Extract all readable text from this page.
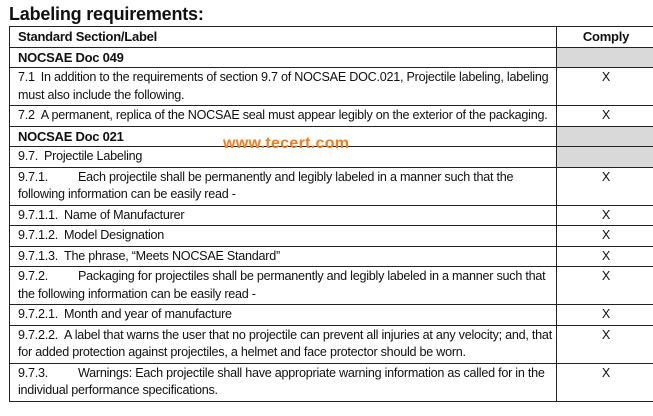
Labeling requirements:
Standard Section/Label	Comply
NOCSAE Doc 049	
7.1 In addition to the requirements of section 9.7 of NOCSAE DOC.021, Projectile labeling, labeling must also include the following.	X
7.2 A permanent, replica of the NOCSAE seal must appear legibly on the exterior of the packaging.	X
NOCSAE Doc 021	
9.7. Projectile Labeling	
9.7.1. Each projectile shall be permanently and legibly labeled in a manner such that the following information can be easily read -	X
9.7.1.1. Name of Manufacturer	X
9.7.1.2. Model Designation	X
9.7.1.3. The phrase, “Meets NOCSAE Standard”	X
9.7.2. Packaging for projectiles shall be permanently and legibly labeled in a manner such that the following information can be easily read -	X
9.7.2.1. Month and year of manufacture	X
9.7.2.2. A label that warns the user that no projectile can prevent all injuries at any velocity; and, that for added protection against projectiles, a helmet and face protector should be worn.	X
9.7.3. Warnings: Each projectile shall have appropriate warning information as called for in the individual performance specifications.	X
www.tecert.com
